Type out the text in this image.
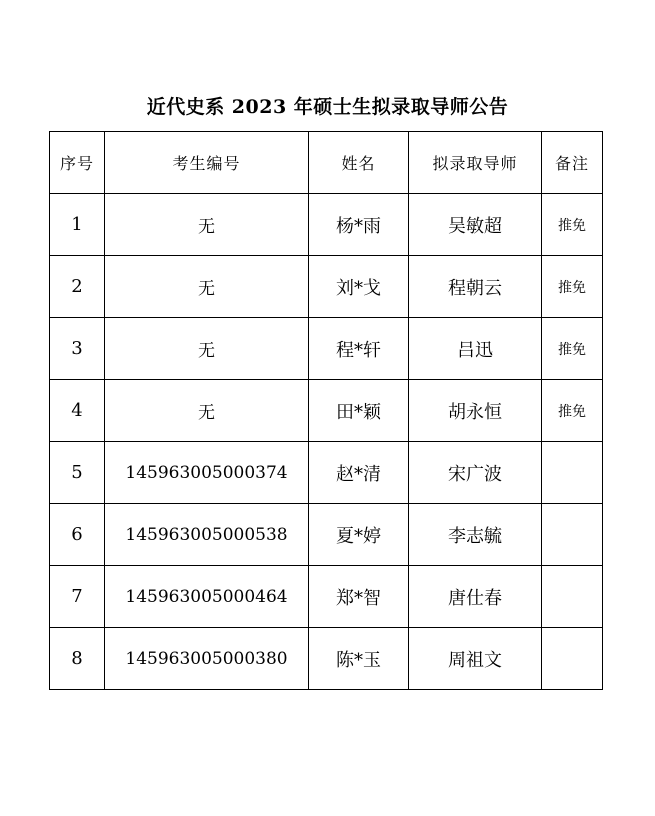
近代史系 2023 年硕士生拟录取导师公告
序号	考生编号	姓名	拟录取导师	备注
1	无	杨*雨	吴敏超	推免
2	无	刘*戈	程朝云	推免
3	无	程*轩	吕迅	推免
4	无	田*颖	胡永恒	推免
5	145963005000374	赵*清	宋广波	
6	145963005000538	夏*婷	李志毓	
7	145963005000464	郑*智	唐仕春	
8	145963005000380	陈*玉	周祖文	
